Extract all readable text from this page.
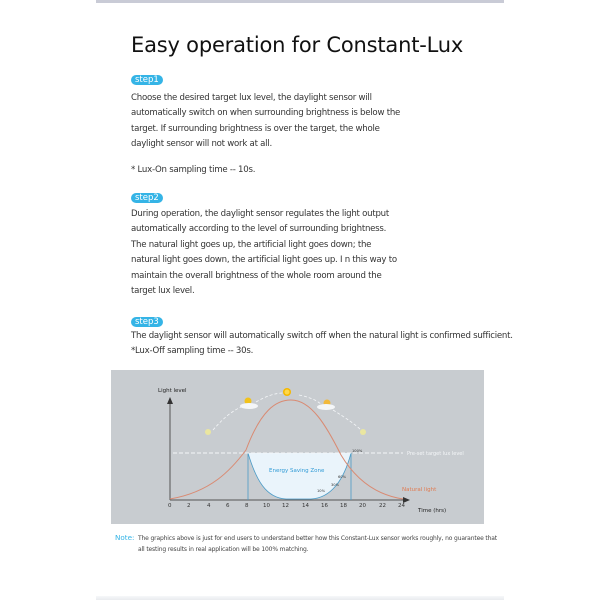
Easy operation for Constant-Lux
step1
Choose the desired target lux level, the daylight sensor will automatically switch on when surrounding brightness is below the target. If surrounding brightness is over the target, the whole daylight sensor will not work at all.
* Lux-On sampling time -- 10s.
step2
During operation, the daylight sensor regulates the light output automatically according to the level of surrounding brightness. The natural light goes up, the artificial light goes down; the natural light goes down, the artificial light goes up. I n this way to maintain the overall brightness of the whole room around the target lux level.
step3
The daylight sensor will automatically switch off when the natural light is confirmed sufficient.
*Lux-Off sampling time -- 30s.
Light level
Time (hrs)
0	2	4	6	8	10 12 14 16 18 20 22 24
Energy Saving Zone
Pre-set target lux level
100%
60%
30%
10%	Natural light
Note: The graphics above is just for end users to understand better how this Constant-Lux sensor works roughly, no guarantee that all testing results in real application will be 100% matching.
